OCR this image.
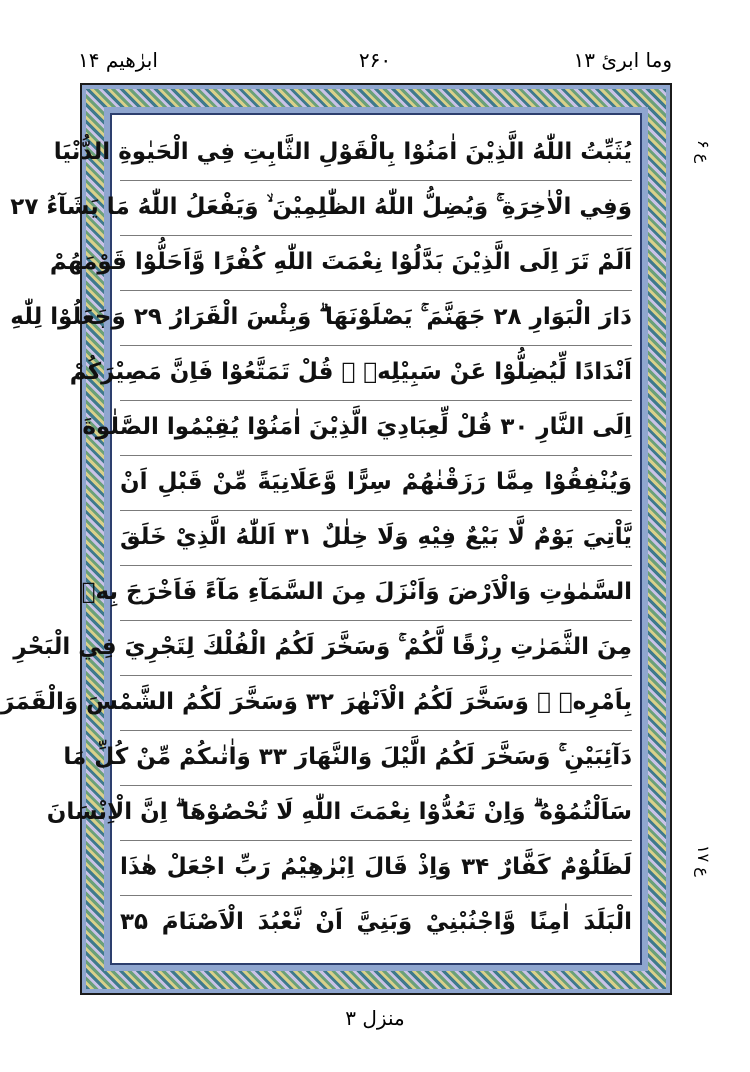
ابرٰهیم ۱۴	۲۶۰	وما ابرئ ۱۳
ع ۶
ع ۱۷
يُثَبِّتُ اللّٰهُ الَّذِيْنَ اٰمَنُوْا بِالْقَوْلِ الثَّابِتِ فِي الْحَيٰوةِ الدُّنْيَا
وَفِي الْاٰخِرَةِ ۚ وَيُضِلُّ اللّٰهُ الظّٰلِمِيْنَ ۙ وَيَفْعَلُ اللّٰهُ مَا يَشَآءُ ۲۷
اَلَمْ تَرَ اِلَى الَّذِيْنَ بَدَّلُوْا نِعْمَتَ اللّٰهِ كُفْرًا وَّاَحَلُّوْا قَوْمَهُمْ
دَارَ الْبَوَارِ ۲۸ جَهَنَّمَ ۚ يَصْلَوْنَهَا ۗ وَبِئْسَ الْقَرَارُ ۲۹ وَجَعَلُوْا لِلّٰهِ
اَنْدَادًا لِّيُضِلُّوْا عَنْ سَبِيْلِهٖ ۗ قُلْ تَمَتَّعُوْا فَاِنَّ مَصِيْرَكُمْ
اِلَى النَّارِ ۳۰ قُلْ لِّعِبَادِيَ الَّذِيْنَ اٰمَنُوْا يُقِيْمُوا الصَّلٰوةَ
وَيُنْفِقُوْا مِمَّا رَزَقْنٰهُمْ سِرًّا وَّعَلَانِيَةً مِّنْ قَبْلِ اَنْ
يَّاْتِيَ يَوْمٌ لَّا بَيْعٌ فِيْهِ وَلَا خِلٰلٌ ۳۱ اَللّٰهُ الَّذِيْ خَلَقَ
السَّمٰوٰتِ وَالْاَرْضَ وَاَنْزَلَ مِنَ السَّمَآءِ مَآءً فَاَخْرَجَ بِهٖ
مِنَ الثَّمَرٰتِ رِزْقًا لَّكُمْ ۚ وَسَخَّرَ لَكُمُ الْفُلْكَ لِتَجْرِيَ فِي الْبَحْرِ
بِاَمْرِهٖ ۚ وَسَخَّرَ لَكُمُ الْاَنْهٰرَ ۳۲ وَسَخَّرَ لَكُمُ الشَّمْسَ وَالْقَمَرَ
دَآئِبَيْنِ ۚ وَسَخَّرَ لَكُمُ الَّيْلَ وَالنَّهَارَ ۳۳ وَاٰتٰىكُمْ مِّنْ كُلِّ مَا
سَاَلْتُمُوْهُ ۗ وَاِنْ تَعُدُّوْا نِعْمَتَ اللّٰهِ لَا تُحْصُوْهَا ۗ اِنَّ الْاِنْسَانَ
لَظَلُوْمٌ كَفَّارٌ ۳۴ وَاِذْ قَالَ اِبْرٰهِيْمُ رَبِّ اجْعَلْ هٰذَا
الْبَلَدَ اٰمِنًا وَّاجْنُبْنِيْ وَبَنِيَّ اَنْ نَّعْبُدَ الْاَصْنَامَ ۳۵
منزل ۳
